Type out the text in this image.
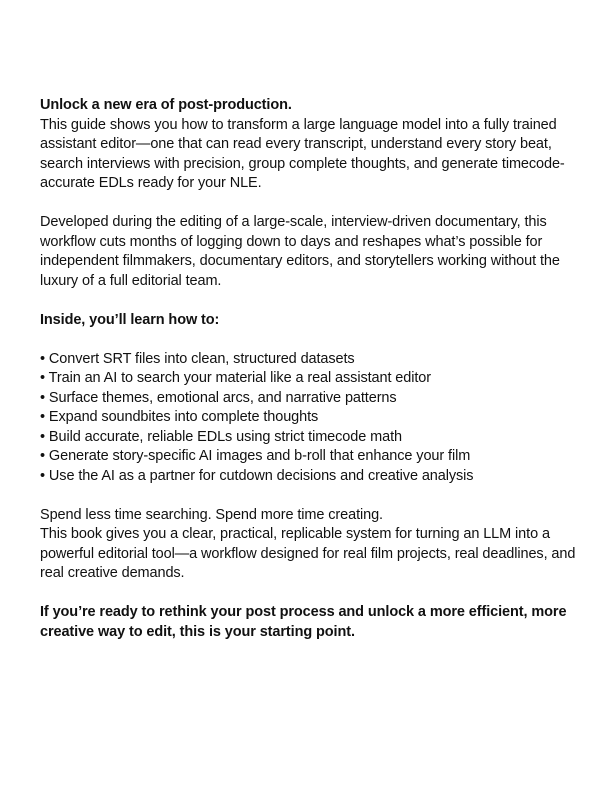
Unlock a new era of post-production.
This guide shows you how to transform a large language model into a fully trained assistant editor—one that can read every transcript, understand every story beat, search interviews with precision, group complete thoughts, and generate timecode-accurate EDLs ready for your NLE.

Developed during the editing of a large-scale, interview-driven documentary, this workflow cuts months of logging down to days and reshapes what’s possible for independent filmmakers, documentary editors, and storytellers working without the luxury of a full editorial team.

Inside, you’ll learn how to:

• Convert SRT files into clean, structured datasets
• Train an AI to search your material like a real assistant editor
• Surface themes, emotional arcs, and narrative patterns
• Expand soundbites into complete thoughts
• Build accurate, reliable EDLs using strict timecode math
• Generate story-specific AI images and b-roll that enhance your film
• Use the AI as a partner for cutdown decisions and creative analysis

Spend less time searching. Spend more time creating.
This book gives you a clear, practical, replicable system for turning an LLM into a powerful editorial tool—a workflow designed for real film projects, real deadlines, and real creative demands.

If you’re ready to rethink your post process and unlock a more efficient, more creative way to edit, this is your starting point.
